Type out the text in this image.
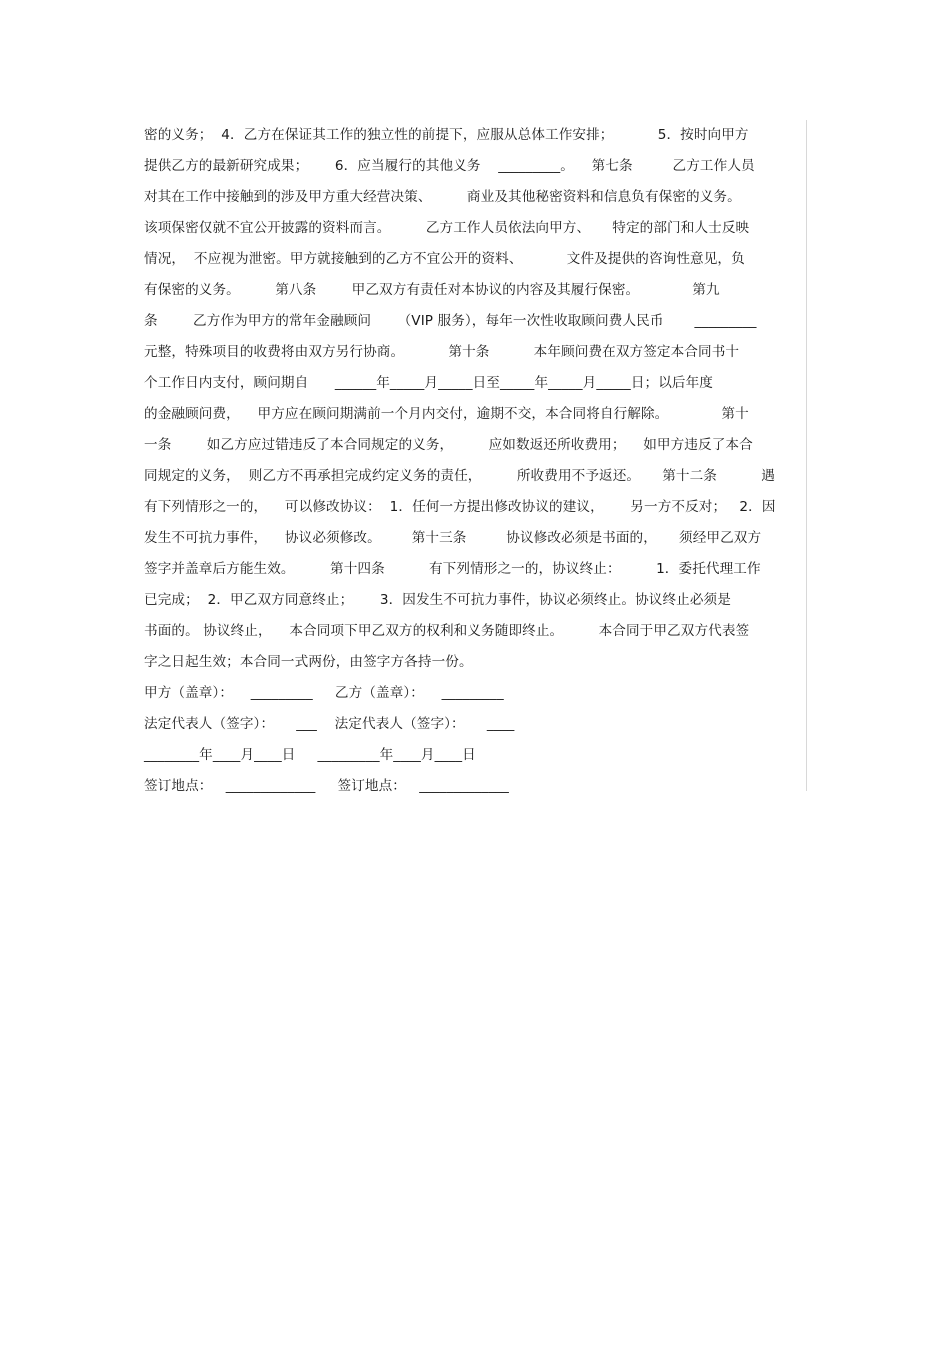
密的义务；  4．乙方在保证其工作的独立性的前提下，应服从总体工作安排；          5．按时向甲方
提供乙方的最新研究成果；      6．应当履行的其他义务    _________。    第七条         乙方工作人员
对其在工作中接触到的涉及甲方重大经营决策、        商业及其他秘密资料和信息负有保密的义务。
该项保密仅就不宜公开披露的资料而言。        乙方工作人员依法向甲方、     特定的部门和人士反映
情况，  不应视为泄密。甲方就接触到的乙方不宜公开的资料、          文件及提供的咨询性意见，负
有保密的义务。        第八条        甲乙双方有责任对本协议的内容及其履行保密。            第九
条        乙方作为甲方的常年金融顾问      （VIP 服务），每年一次性收取顾问费人民币       _________
元整，特殊项目的收费将由双方另行协商。          第十条          本年顾问费在双方签定本合同书十
个工作日内支付，顾问期自      ______年_____月_____日至_____年_____月_____日；以后年度
的金融顾问费，    甲方应在顾问期满前一个月内交付，逾期不交，本合同将自行解除。            第十
一条        如乙方应过错违反了本合同规定的义务，        应如数返还所收费用；    如甲方违反了本合
同规定的义务，  则乙方不再承担完成约定义务的责任，        所收费用不予返还。     第十二条          遇
有下列情形之一的，    可以修改协议：  1．任何一方提出修改协议的建议，      另一方不反对；   2．因
发生不可抗力事件，    协议必须修改。       第十三条         协议修改必须是书面的，     须经甲乙双方
签字并盖章后方能生效。        第十四条          有下列情形之一的，协议终止：        1．委托代理工作
已完成；  2．甲乙双方同意终止；      3．因发生不可抗力事件，协议必须终止。协议终止必须是
书面的。 协议终止，    本合同项下甲乙双方的权利和义务随即终止。        本合同于甲乙双方代表签
字之日起生效；本合同一式两份，由签字方各持一份。
甲方（盖章）：    _________     乙方（盖章）：    _________
法定代表人（签字）：     ___    法定代表人（签字）：     ____
________年____月____日     _________年____月____日
签订地点：   _____________     签订地点：   _____________
